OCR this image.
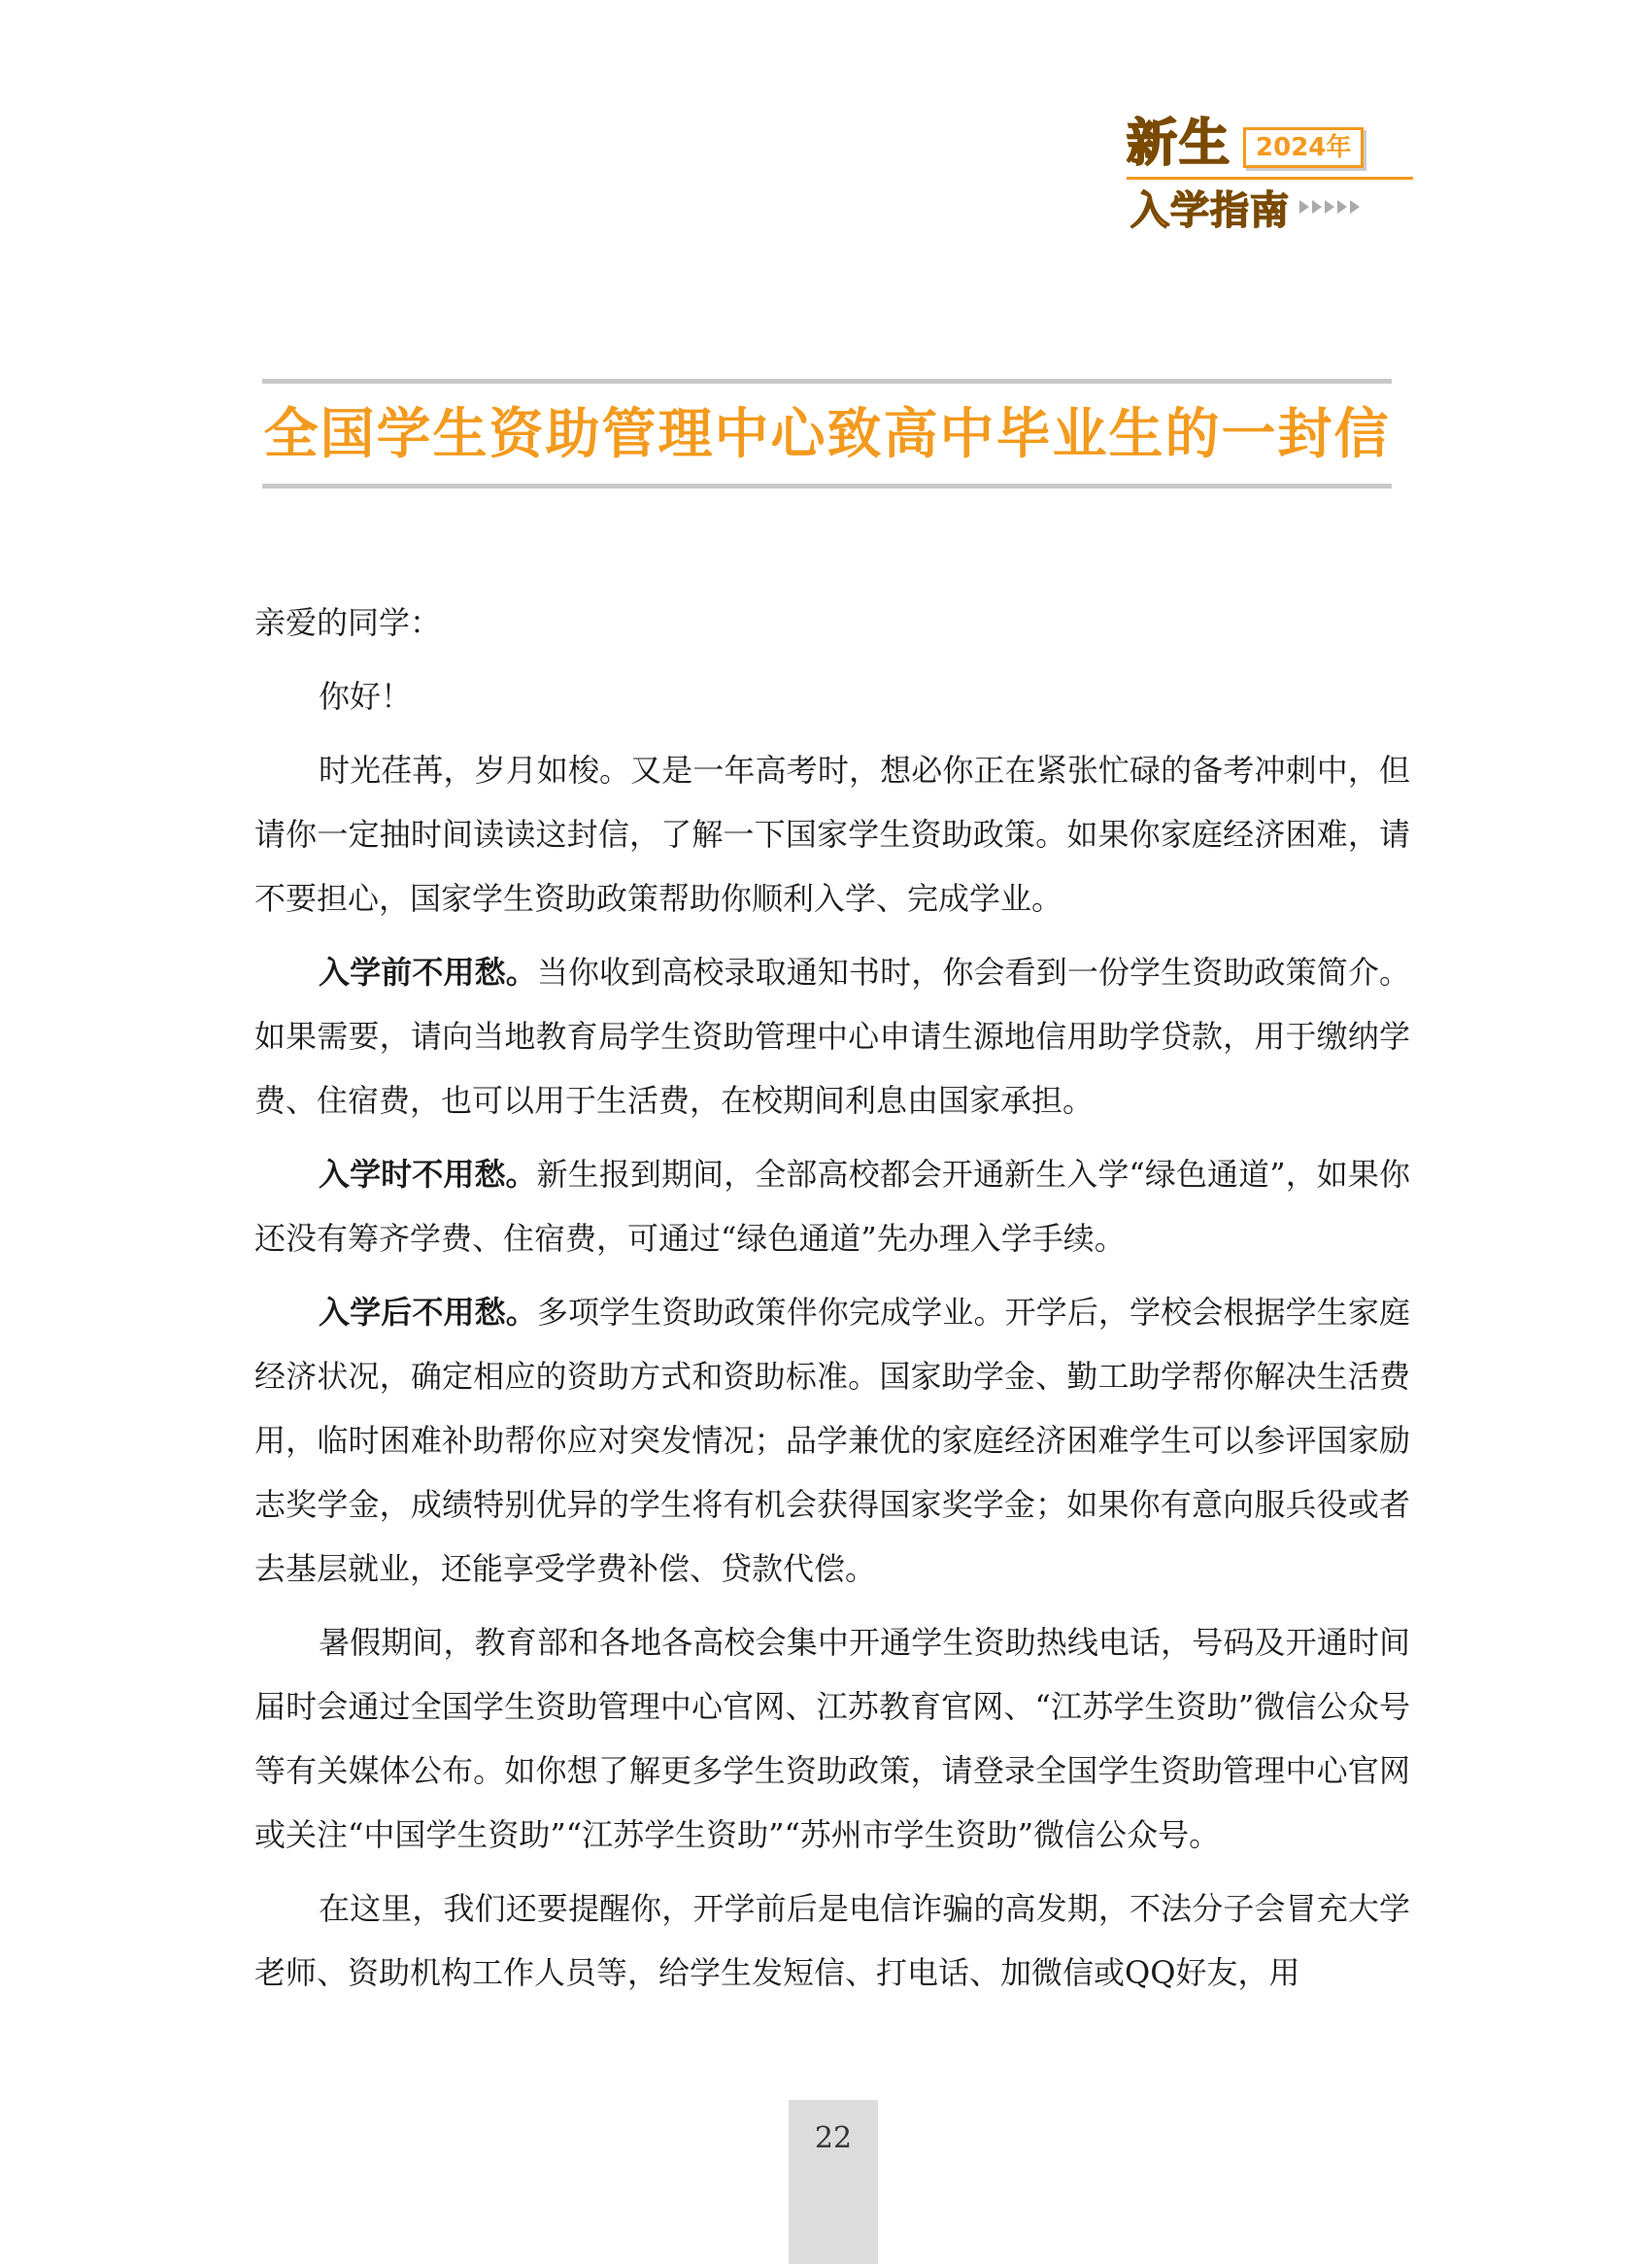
新生 2024年
入学指南
全国学生资助管理中心致高中毕业生的一封信

亲爱的同学：

你好！

时光荏苒，岁月如梭。又是一年高考时，想必你正在紧张忙碌的备考冲刺中，但请你一定抽时间读读这封信，了解一下国家学生资助政策。如果你家庭经济困难，请不要担心，国家学生资助政策帮助你顺利入学、完成学业。

入学前不用愁。当你收到高校录取通知书时，你会看到一份学生资助政策简介。如果需要，请向当地教育局学生资助管理中心申请生源地信用助学贷款，用于缴纳学费、住宿费，也可以用于生活费，在校期间利息由国家承担。

入学时不用愁。新生报到期间，全部高校都会开通新生入学“绿色通道”，如果你还没有筹齐学费、住宿费，可通过“绿色通道”先办理入学手续。

入学后不用愁。多项学生资助政策伴你完成学业。开学后，学校会根据学生家庭经济状况，确定相应的资助方式和资助标准。国家助学金、勤工助学帮你解决生活费用，临时困难补助帮你应对突发情况；品学兼优的家庭经济困难学生可以参评国家励志奖学金，成绩特别优异的学生将有机会获得国家奖学金；如果你有意向服兵役或者去基层就业，还能享受学费补偿、贷款代偿。

暑假期间，教育部和各地各高校会集中开通学生资助热线电话，号码及开通时间届时会通过全国学生资助管理中心官网、江苏教育官网、“江苏学生资助”微信公众号等有关媒体公布。如你想了解更多学生资助政策，请登录全国学生资助管理中心官网或关注“中国学生资助”“江苏学生资助”“苏州市学生资助”微信公众号。

在这里，我们还要提醒你，开学前后是电信诈骗的高发期，不法分子会冒充大学老师、资助机构工作人员等，给学生发短信、打电话、加微信或QQ好友，用

22
